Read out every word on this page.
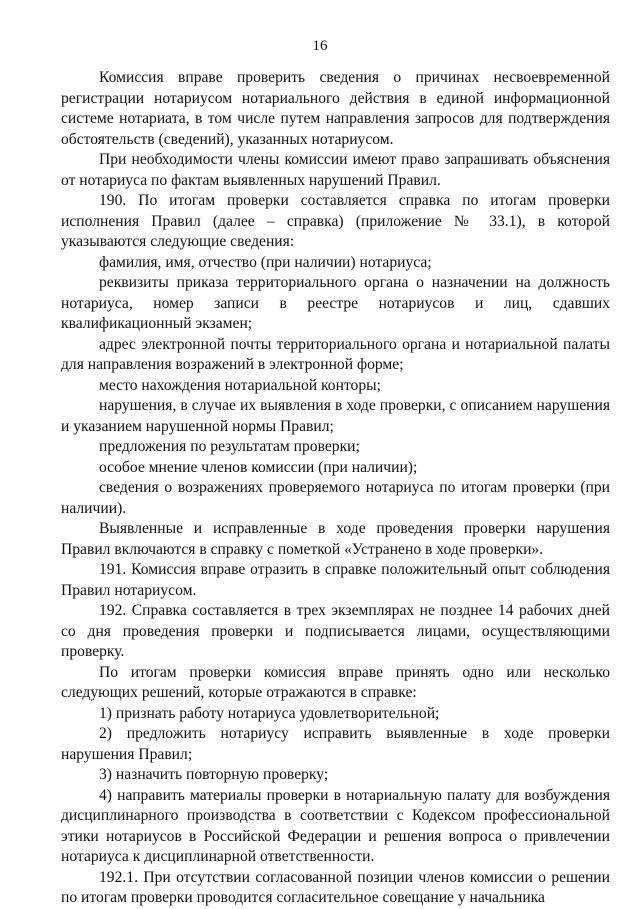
16

Комиссия вправе проверить сведения о причинах несвоевременной регистрации нотариусом нотариального действия в единой информационной системе нотариата, в том числе путем направления запросов для подтверждения обстоятельств (сведений), указанных нотариусом.

При необходимости члены комиссии имеют право запрашивать объяснения от нотариуса по фактам выявленных нарушений Правил.

190. По итогам проверки составляется справка по итогам проверки исполнения Правил (далее – справка) (приложение № 33.1), в которой указываются следующие сведения:

фамилия, имя, отчество (при наличии) нотариуса;

реквизиты приказа территориального органа о назначении на должность нотариуса, номер записи в реестре нотариусов и лиц, сдавших квалификационный экзамен;

адрес электронной почты территориального органа и нотариальной палаты для направления возражений в электронной форме;

место нахождения нотариальной конторы;

нарушения, в случае их выявления в ходе проверки, с описанием нарушения и указанием нарушенной нормы Правил;

предложения по результатам проверки;

особое мнение членов комиссии (при наличии);

сведения о возражениях проверяемого нотариуса по итогам проверки (при наличии).

Выявленные и исправленные в ходе проведения проверки нарушения Правил включаются в справку с пометкой «Устранено в ходе проверки».

191. Комиссия вправе отразить в справке положительный опыт соблюдения Правил нотариусом.

192. Справка составляется в трех экземплярах не позднее 14 рабочих дней со дня проведения проверки и подписывается лицами, осуществляющими проверку.

По итогам проверки комиссия вправе принять одно или несколько следующих решений, которые отражаются в справке:

1) признать работу нотариуса удовлетворительной;

2) предложить нотариусу исправить выявленные в ходе проверки нарушения Правил;

3) назначить повторную проверку;

4) направить материалы проверки в нотариальную палату для возбуждения дисциплинарного производства в соответствии с Кодексом профессиональной этики нотариусов в Российской Федерации и решения вопроса о привлечении нотариуса к дисциплинарной ответственности.

192.1. При отсутствии согласованной позиции членов комиссии о решении по итогам проверки проводится согласительное совещание у начальника
